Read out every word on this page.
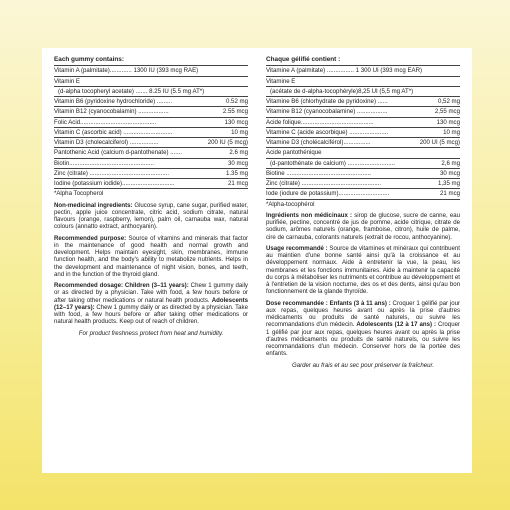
Each gummy contains:
Vitamin A (palmitate)............. 1300 IU (393 mcg RAE)
Vitamin E
(d-alpha tocopheryl acetate) ....... 8.25 IU (5.5 mg AT*)
Vitamin B6 (pyridoxine hydrochloride) .........	0.52 mg
Vitamin B12 (cyanocobalamin) ..................	2.55 mcg
Folic Acid.............................................	130 mcg
Vitamin C (ascorbic acid) .............................	10 mg
Vitamin D3 (cholecalciferol) .................	200 IU (5 mcg)
Pantothenic Acid (calcium d-pantothenate) .......	2.6 mg
Biotin..................................................	30 mcg
Zinc (citrate) ...............................................	1.35 mg
Iodine (potassium iodide)...............................	21 mcg
*Alpha Tocopherol
Non-medicinal ingredients: Glucose syrup, cane sugar, purified water, pectin, apple juice concentrate, citric acid, sodium citrate, natural flavours (orange, raspberry, lemon), palm oil, carnauba wax, natural colours (annatto extract, anthocyanin).
Recommended purpose: Source of vitamins and minerals that factor in the maintenance of good health and normal growth and development. Helps maintain eyesight, skin, membranes, immune function health, and the body's ability to metabolize nutrients. Helps in the development and maintenance of night vision, bones, and teeth, and in the function of the thyroid gland.
Recommended dosage: Children (3–11 years): Chew 1 gummy daily or as directed by a physician. Take with food, a few hours before or after taking other medications or natural health products. Adolescents (12–17 years): Chew 1 gummy daily or as directed by a physician. Take with food, a few hours before or after taking other medications or natural health products. Keep out of reach of children.
For product freshness protect from heat and humidity.
Chaque gélifié contient :
Vitamine A (palmitate) ................ 1 300 UI (393 mcg EAR)
Vitamine E
(acétate de d-alpha-tocophéryle)8,25 UI (5,5 mg AT*)
Vitamine B6 (chlorhydrate de pyridoxine) ......	0,52 mg
Vitamine B12 (cyanocobalamine) ..................	2,55 mcg
Acide folique...........................................	130 mcg
Vitamine C (acide ascorbique) .......................	10 mg
Vitamine D3 (cholécalciférol)................	200 UI (5 mcg)
Acide pantothénique
(d-pantothénate de calcium) ............................	2,6 mg
Biotine ..................................................	30 mcg
Zinc (citrate) ...............................................	1,35 mg
Iode (iodure de potassium)..............................	21 mcg
*Alpha-tocophérol
Ingrédients non médicinaux : sirop de glucose, sucre de canne, eau purifiée, pectine, concentré de jus de pomme, acide citrique, citrate de sodium, arômes naturels (orange, framboise, citron), huile de palme, cire de carnauba, colorants naturels (extrait de rocou, anthocyanine).
Usage recommandé : Source de vitamines et minéraux qui contribuent au maintien d'une bonne santé ainsi qu'à la croissance et au développement normaux. Aide à entretenir la vue, la peau, les membranes et les fonctions immunitaires. Aide à maintenir la capacité du corps à métaboliser les nutriments et contribue au développement et à l'entretien de la vision nocturne, des os et des dents, ainsi qu'au bon fonctionnement de la glande thyroïde.
Dose recommandée : Enfants (3 à 11 ans) : Croquer 1 gélifié par jour aux repas, quelques heures avant ou après la prise d'autres médicaments ou produits de santé naturels, ou suivre les recommandations d'un médecin. Adolescents (12 à 17 ans) : Croquer 1 gélifié par jour aux repas, quelques heures avant ou après la prise d'autres médicaments ou produits de santé naturels, ou suivre les recommandations d'un médecin. Conserver hors de la portée des enfants.
Garder au frais et au sec pour préserver la fraîcheur.
